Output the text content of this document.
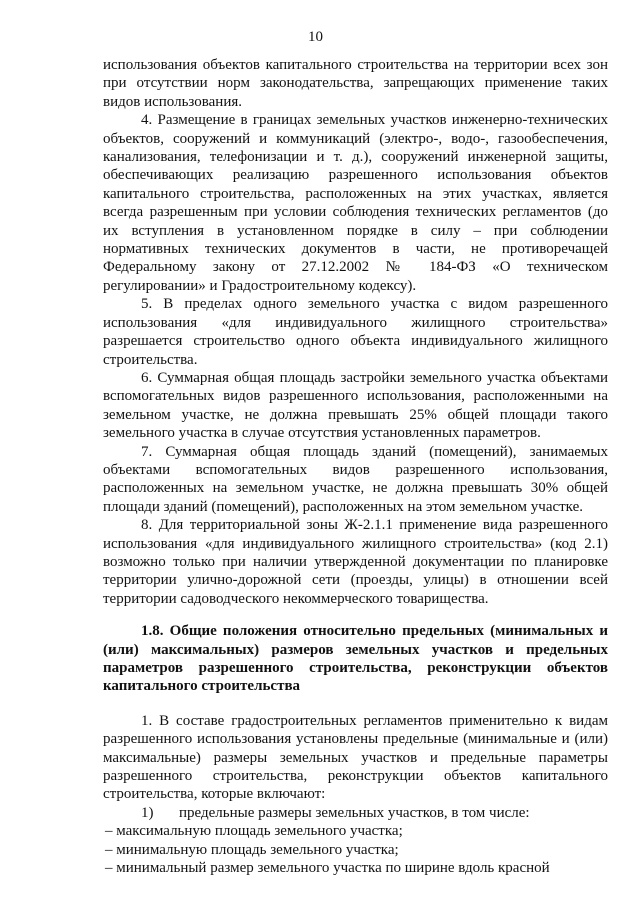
10

использования объектов капитального строительства на территории всех зон при отсутствии норм законодательства, запрещающих применение таких видов использования.

4. Размещение в границах земельных участков инженерно-технических объектов, сооружений и коммуникаций (электро-, водо-, газообеспечения, канализования, телефонизации и т. д.), сооружений инженерной защиты, обеспечивающих реализацию разрешенного использования объектов капитального строительства, расположенных на этих участках, является всегда разрешенным при условии соблюдения технических регламентов (до их вступления в установленном порядке в силу – при соблюдении нормативных технических документов в части, не противоречащей Федеральному закону от 27.12.2002 № 184-ФЗ «О техническом регулировании» и Градостроительному кодексу).

5. В пределах одного земельного участка с видом разрешенного использования «для индивидуального жилищного строительства» разрешается строительство одного объекта индивидуального жилищного строительства.

6. Суммарная общая площадь застройки земельного участка объектами вспомогательных видов разрешенного использования, расположенными на земельном участке, не должна превышать 25% общей площади такого земельного участка в случае отсутствия установленных параметров.

7. Суммарная общая площадь зданий (помещений), занимаемых объектами вспомогательных видов разрешенного использования, расположенных на земельном участке, не должна превышать 30% общей площади зданий (помещений), расположенных на этом земельном участке.

8. Для территориальной зоны Ж-2.1.1 применение вида разрешенного использования «для индивидуального жилищного строительства» (код 2.1) возможно только при наличии утвержденной документации по планировке территории улично-дорожной сети (проезды, улицы) в отношении всей территории садоводческого некоммерческого товарищества.

1.8. Общие положения относительно предельных (минимальных и (или) максимальных) размеров земельных участков и предельных параметров разрешенного строительства, реконструкции объектов капитального строительства

1. В составе градостроительных регламентов применительно к видам разрешенного использования установлены предельные (минимальные и (или) максимальные) размеры земельных участков и предельные параметры разрешенного строительства, реконструкции объектов капитального строительства, которые включают:

1) предельные размеры земельных участков, в том числе:

– максимальную площадь земельного участка;

– минимальную площадь земельного участка;

– минимальный размер земельного участка по ширине вдоль красной
